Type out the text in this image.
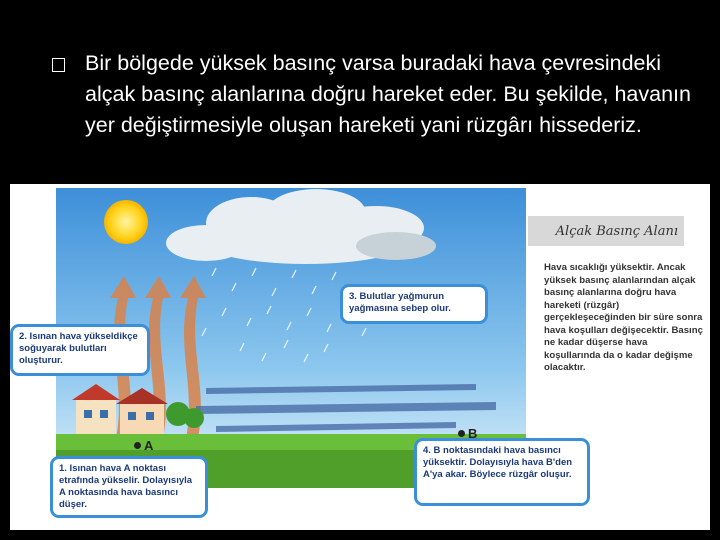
Bir bölgede yüksek basınç varsa buradaki hava çevresindeki alçak basınç alanlarına doğru hareket eder. Bu şekilde, havanın yer değiştirmesiyle oluşan hareketi yani rüzgârı hissederiz.

2. Isınan hava yükseldikçe soğuyarak bulutları oluşturur.
3. Bulutlar yağmurun yağmasına sebep olur.
1. Isınan hava A noktası etrafında yükselir. Dolayısıyla A noktasında hava basıncı düşer.
4. B noktasındaki hava basıncı yüksektir. Dolayısıyla hava B'den A'ya akar. Böylece rüzgâr oluşur.
A
B
Alçak Basınç Alanı

Hava sıcaklığı yüksektir. Ancak yüksek basınç alanlarından alçak basınç alanlarına doğru hava hareketi (rüzgâr) gerçekleşeceğinden bir süre sonra hava koşulları değişecektir. Basınç ne kadar düşerse hava koşullarında da o kadar değişme olacaktır.
